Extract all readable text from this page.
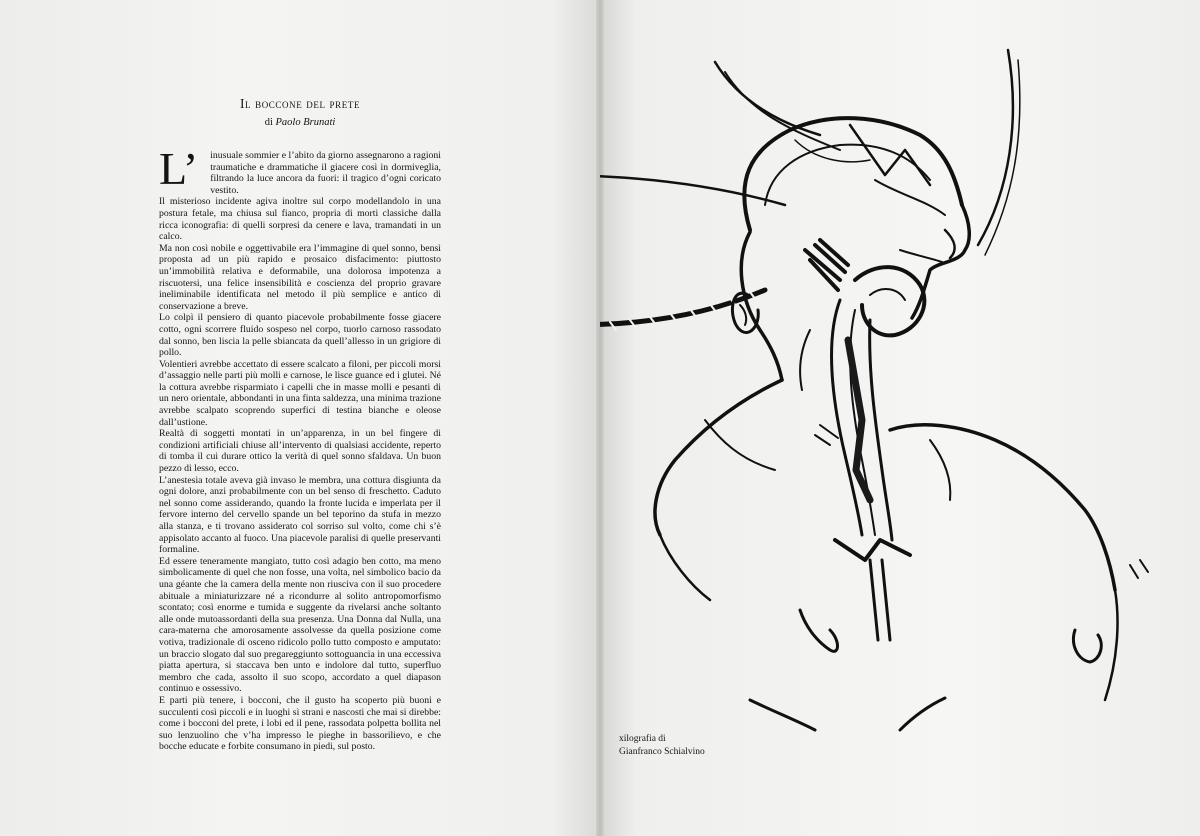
Il boccone del prete

di Paolo Brunati

L’ inusuale sommier e l’abito da giorno assegnarono a ragioni traumatiche e drammatiche il giacere così in dormiveglia, filtrando la luce ancora da fuori: il tragico d’ogni coricato vestito.

Il misterioso incidente agiva inoltre sul corpo modellandolo in una postura fetale, ma chiusa sul fianco, propria di morti classiche dalla ricca iconografia: di quelli sorpresi da cenere e lava, tramandati in un calco.

Ma non così nobile e oggettivabile era l’immagine di quel sonno, bensì proposta ad un più rapido e prosaico disfacimento: piuttosto un’immobilità relativa e deformabile, una dolorosa impotenza a riscuotersi, una felice insensibilità e coscienza del proprio gravare ineliminabile identificata nel metodo il più semplice e antico di conservazione a breve.

Lo colpì il pensiero di quanto piacevole probabilmente fosse giacere cotto, ogni scorrere fluido sospeso nel corpo, tuorlo carnoso rassodato dal sonno, ben liscia la pelle sbiancata da quell’allesso in un grigiore di pollo.

Volentieri avrebbe accettato di essere scalcato a filoni, per piccoli morsi d’assaggio nelle parti più molli e carnose, le lisce guance ed i glutei. Né la cottura avrebbe risparmiato i capelli che in masse molli e pesanti di un nero orientale, abbondanti in una finta saldezza, una minima trazione avrebbe scalpato scoprendo superfici di testina bianche e oleose dall’ustione.

Realtà di soggetti montati in un’apparenza, in un bel fingere di condizioni artificiali chiuse all’intervento di qualsiasi accidente, reperto di tomba il cui durare ottico la verità di quel sonno sfaldava. Un buon pezzo di lesso, ecco.

L’anestesia totale aveva già invaso le membra, una cottura disgiunta da ogni dolore, anzi probabilmente con un bel senso di freschetto. Caduto nel sonno come assiderando, quando la fronte lucida e imperlata per il fervore interno del cervello spande un bel teporino da stufa in mezzo alla stanza, e ti trovano assiderato col sorriso sul volto, come chi s’è appisolato accanto al fuoco. Una piacevole paralisi di quelle preservanti formaline.

Ed essere teneramente mangiato, tutto così adagio ben cotto, ma meno simbolicamente di quel che non fosse, una volta, nel simbolico bacio da una géante che la camera della mente non riusciva con il suo procedere abituale a miniaturizzare né a ricondurre al solito antropomorfismo scontato; così enorme e tumida e suggente da rivelarsi anche soltanto alle onde mutoassordanti della sua presenza. Una Donna dal Nulla, una cara-materna che amorosamente assolvesse da quella posizione come votiva, tradizionale di osceno ridicolo pollo tutto composto e amputato: un braccio slogato dal suo pregareggiunto sottoguancia in una eccessiva piatta apertura, si staccava ben unto e indolore dal tutto, superfluo membro che cada, assolto il suo scopo, accordato a quel diapason continuo e ossessivo.

E parti più tenere, i bocconi, che il gusto ha scoperto più buoni e succulenti così piccoli e in luoghi sì strani e nascosti che mai si direbbe: come i bocconi del prete, i lobi ed il pene, rassodata polpetta bollita nel suo lenzuolino che v’ha impresso le pieghe in bassorilievo, e che bocche educate e forbite consumano in piedi, sul posto.

xilografia di
Gianfranco Schialvino
